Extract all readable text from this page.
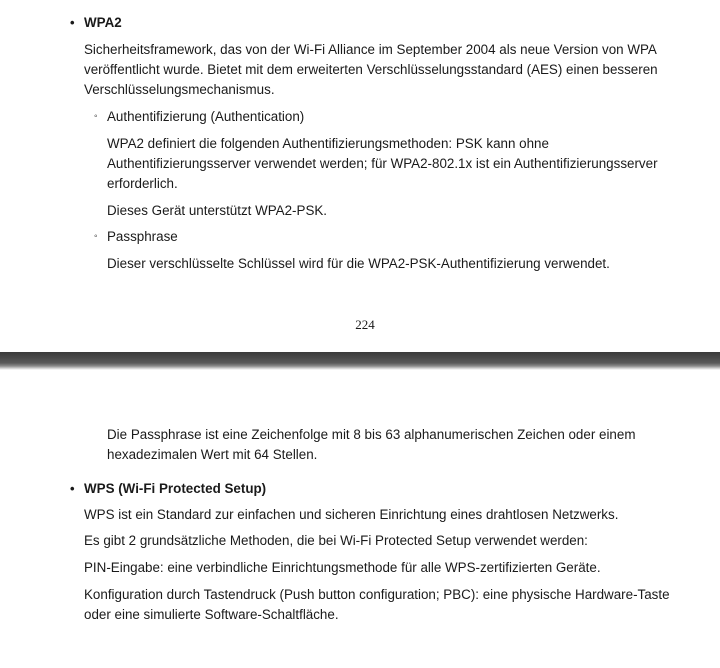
• WPA2
Sicherheitsframework, das von der Wi-Fi Alliance im September 2004 als neue Version von WPA
veröffentlicht wurde. Bietet mit dem erweiterten Verschlüsselungsstandard (AES) einen besseren
Verschlüsselungsmechanismus.
◦ Authentifizierung (Authentication)
WPA2 definiert die folgenden Authentifizierungsmethoden: PSK kann ohne
Authentifizierungsserver verwendet werden; für WPA2-802.1x ist ein Authentifizierungsserver
erforderlich.
Dieses Gerät unterstützt WPA2-PSK.
◦ Passphrase
Dieser verschlüsselte Schlüssel wird für die WPA2-PSK-Authentifizierung verwendet.
224
Die Passphrase ist eine Zeichenfolge mit 8 bis 63 alphanumerischen Zeichen oder einem
hexadezimalen Wert mit 64 Stellen.
• WPS (Wi-Fi Protected Setup)
WPS ist ein Standard zur einfachen und sicheren Einrichtung eines drahtlosen Netzwerks.
Es gibt 2 grundsätzliche Methoden, die bei Wi-Fi Protected Setup verwendet werden:
PIN-Eingabe: eine verbindliche Einrichtungsmethode für alle WPS-zertifizierten Geräte.
Konfiguration durch Tastendruck (Push button configuration; PBC): eine physische Hardware-Taste
oder eine simulierte Software-Schaltfläche.
